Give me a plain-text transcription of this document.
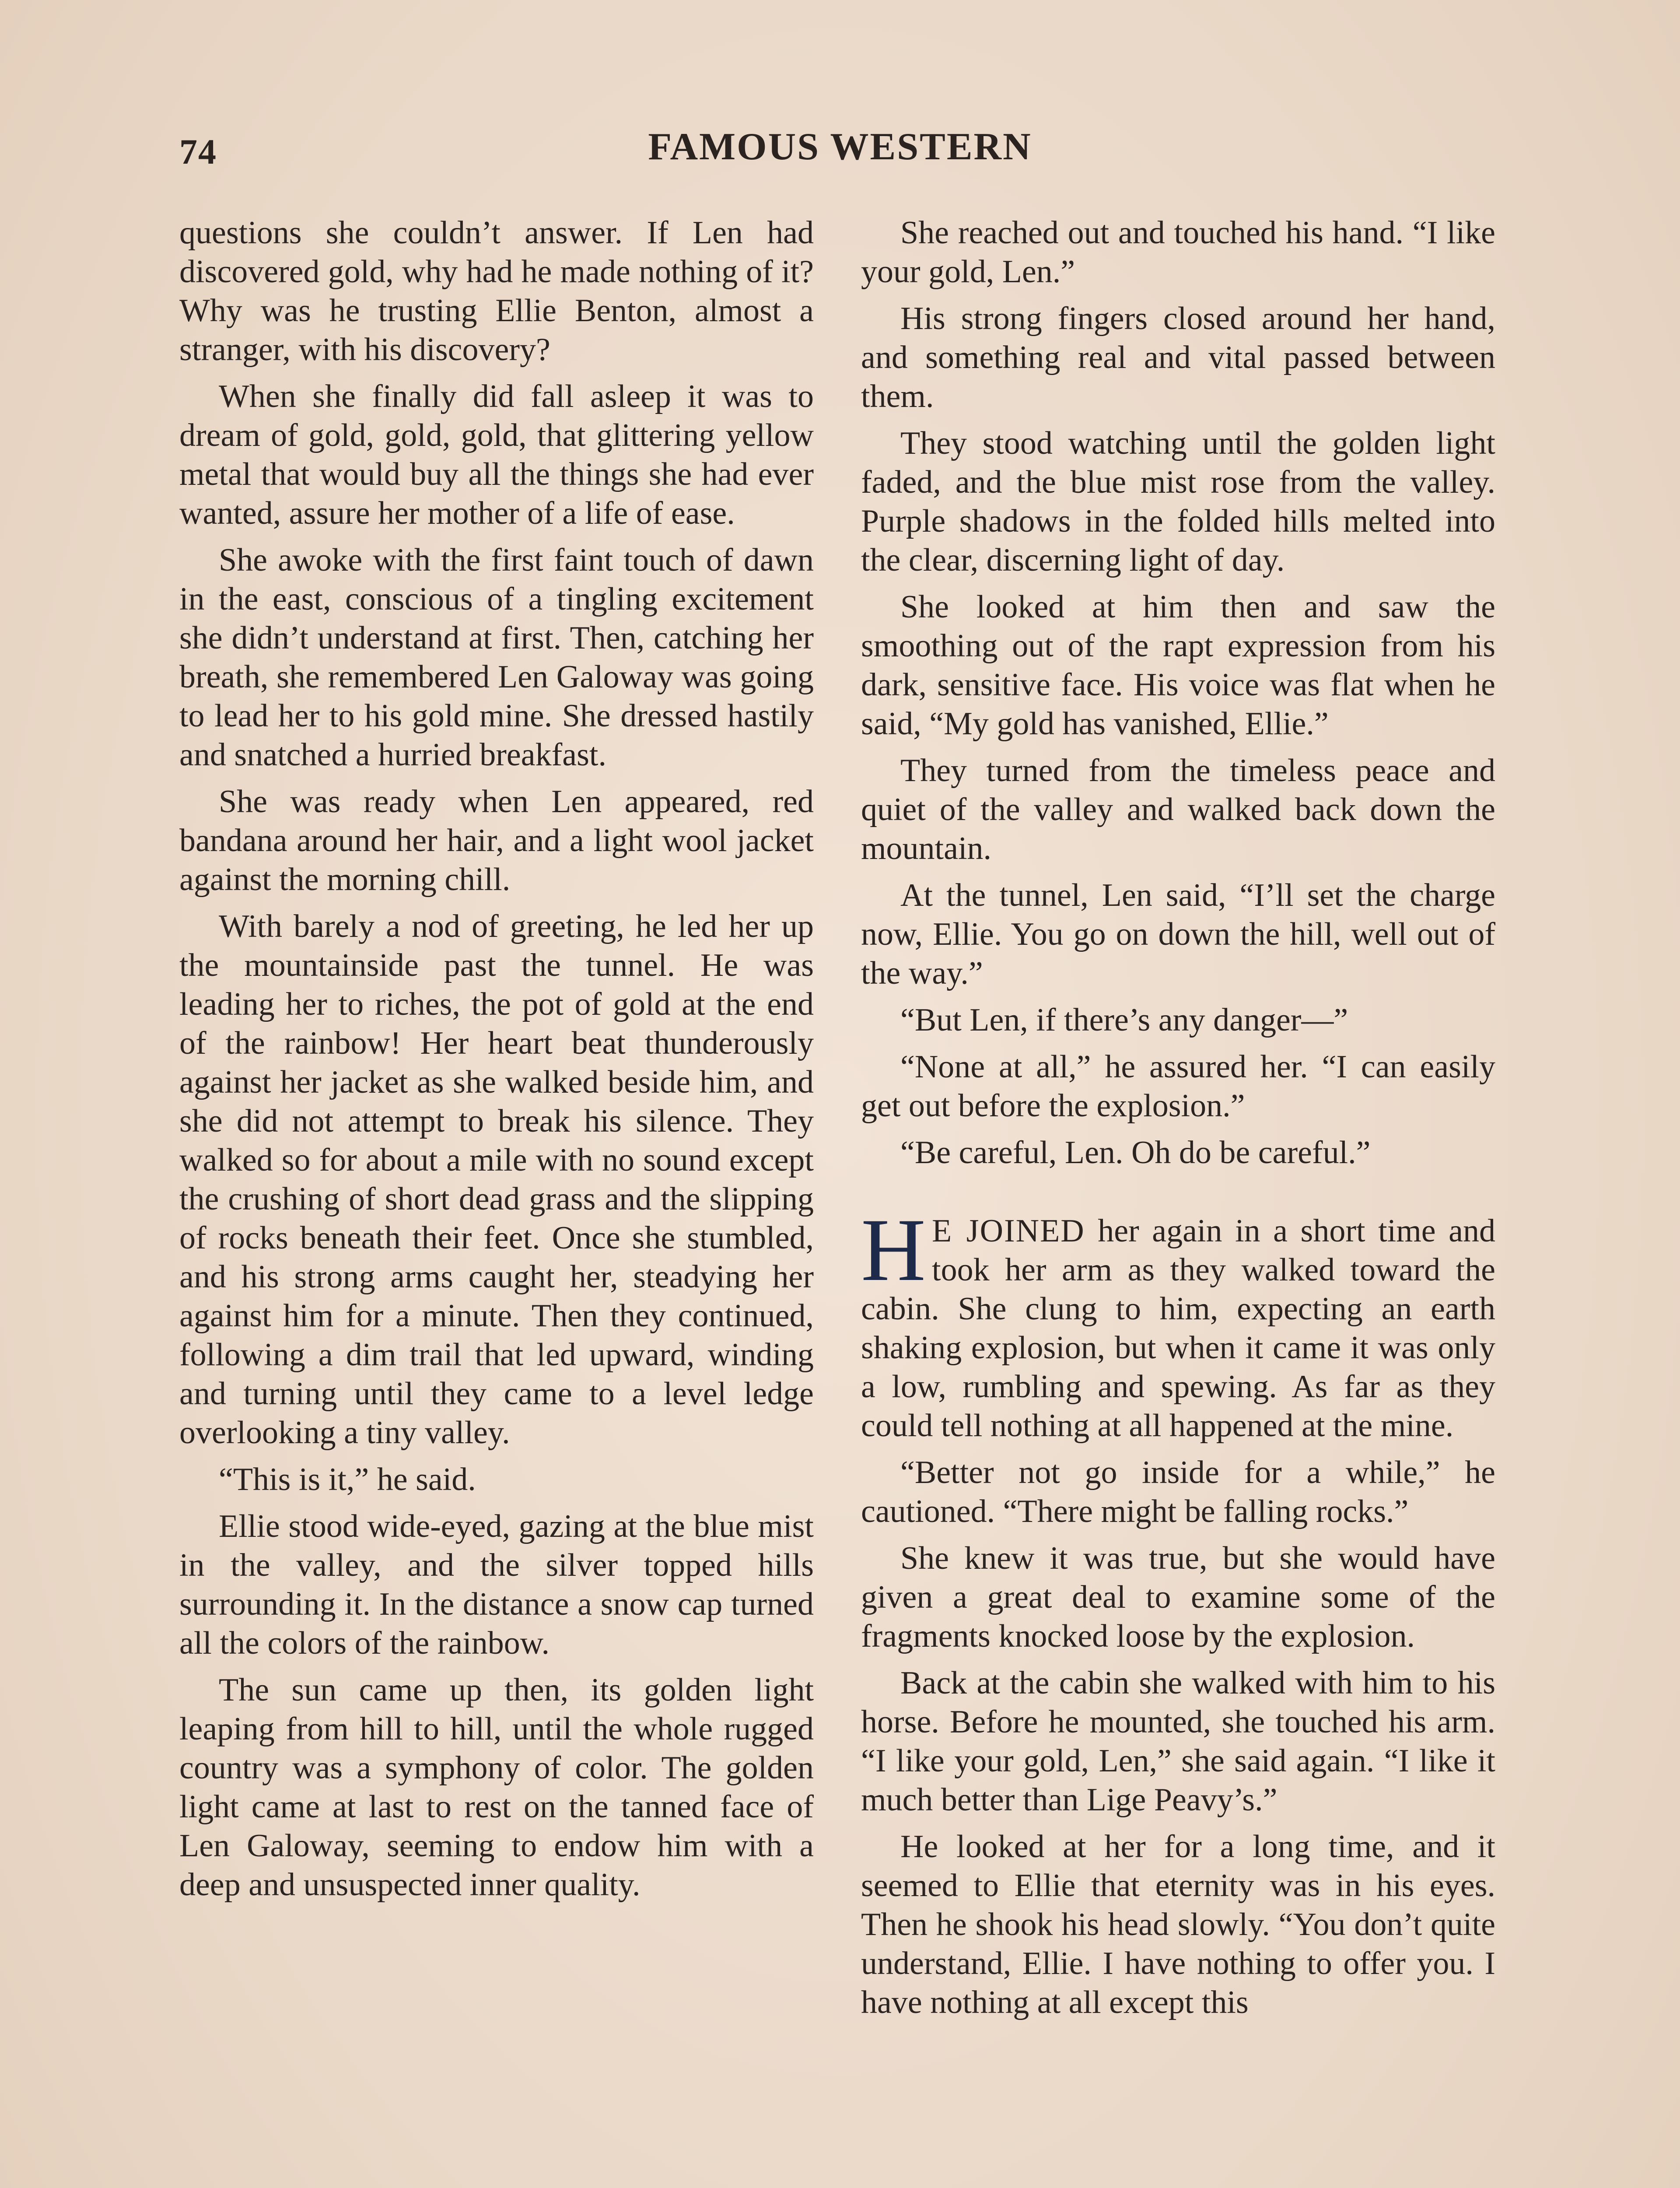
74	FAMOUS WESTERN

questions she couldn’t answer. If Len had discovered gold, why had he made nothing of it? Why was he trusting Ellie Benton, almost a stranger, with his discovery?

When she finally did fall asleep it was to dream of gold, gold, gold, that glittering yellow metal that would buy all the things she had ever wanted, assure her mother of a life of ease.

She awoke with the first faint touch of dawn in the east, conscious of a tingling excitement she didn’t understand at first. Then, catching her breath, she remembered Len Galoway was going to lead her to his gold mine. She dressed hastily and snatched a hurried breakfast.

She was ready when Len appeared, red bandana around her hair, and a light wool jacket against the morning chill.

With barely a nod of greeting, he led her up the mountainside past the tunnel. He was leading her to riches, the pot of gold at the end of the rainbow! Her heart beat thunderously against her jacket as she walked beside him, and she did not attempt to break his silence. They walked so for about a mile with no sound except the crushing of short dead grass and the slipping of rocks beneath their feet. Once she stumbled, and his strong arms caught her, steadying her against him for a minute. Then they continued, following a dim trail that led upward, winding and turning until they came to a level ledge overlooking a tiny valley.

“This is it,” he said.

Ellie stood wide-eyed, gazing at the blue mist in the valley, and the silver topped hills surrounding it. In the distance a snow cap turned all the colors of the rainbow.

The sun came up then, its golden light leaping from hill to hill, until the whole rugged country was a symphony of color. The golden light came at last to rest on the tanned face of Len Galoway, seeming to endow him with a deep and unsuspected inner quality.

She reached out and touched his hand. “I like your gold, Len.”

His strong fingers closed around her hand, and something real and vital passed between them.

They stood watching until the golden light faded, and the blue mist rose from the valley. Purple shadows in the folded hills melted into the clear, discerning light of day.

She looked at him then and saw the smoothing out of the rapt expression from his dark, sensitive face. His voice was flat when he said, “My gold has vanished, Ellie.”

They turned from the timeless peace and quiet of the valley and walked back down the mountain.

At the tunnel, Len said, “I’ll set the charge now, Ellie. You go on down the hill, well out of the way.”

“But Len, if there’s any danger—”

“None at all,” he assured her. “I can easily get out before the explosion.”

“Be careful, Len. Oh do be careful.”

H E JOINED her again in a short time and took her arm as they walked toward the cabin. She clung to him, expecting an earth shaking explosion, but when it came it was only a low, rumbling and spewing. As far as they could tell nothing at all happened at the mine.

“Better not go inside for a while,” he cautioned. “There might be falling rocks.”

She knew it was true, but she would have given a great deal to examine some of the fragments knocked loose by the explosion.

Back at the cabin she walked with him to his horse. Before he mounted, she touched his arm. “I like your gold, Len,” she said again. “I like it much better than Lige Peavy’s.”

He looked at her for a long time, and it seemed to Ellie that eternity was in his eyes. Then he shook his head slowly. “You don’t quite understand, Ellie. I have nothing to offer you. I have nothing at all except this
